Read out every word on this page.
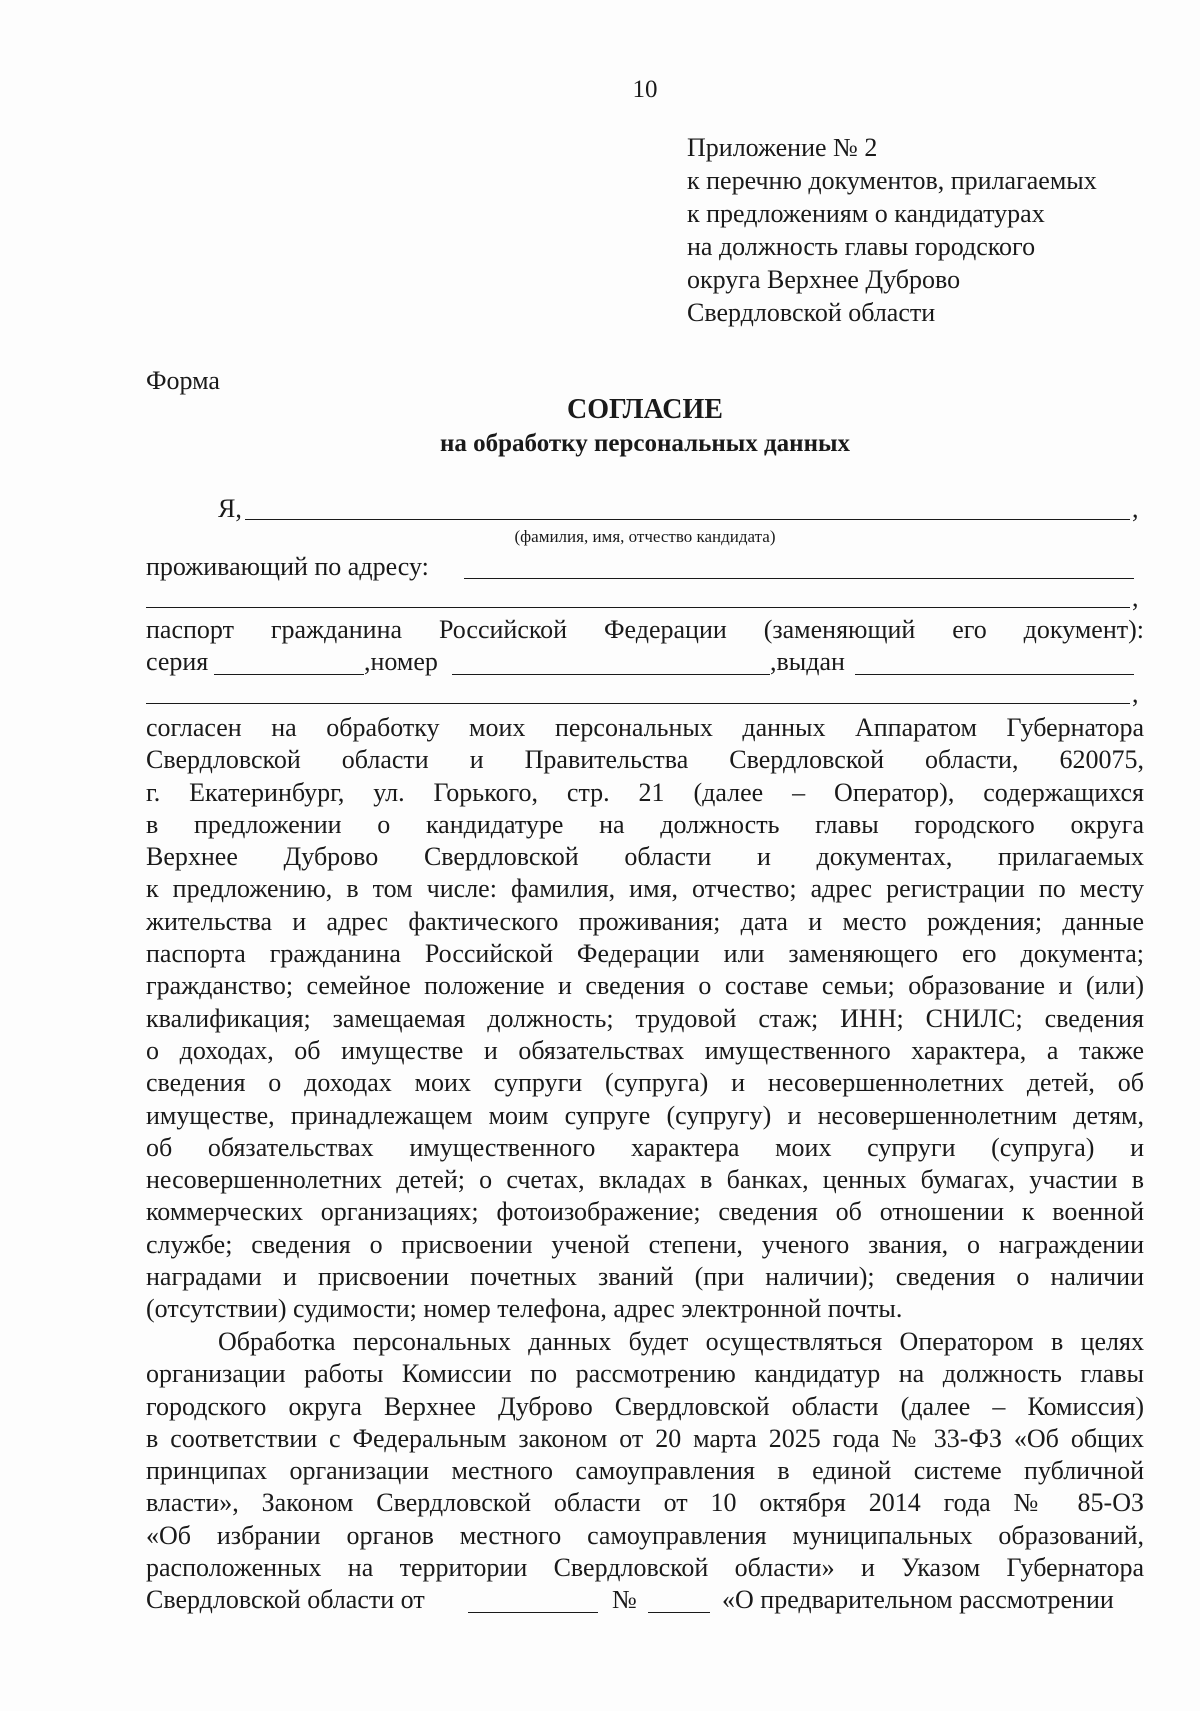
10
Приложение № 2
к перечню документов, прилагаемых
к предложениям о кандидатурах
на должность главы городского
округа Верхнее Дуброво
Свердловской области
Форма
СОГЛАСИЕ
на обработку персональных данных
Я,	,
(фамилия, имя, отчество кандидата)
проживающий по адресу:
,
паспорт гражданина Российской Федерации (заменяющий его документ):
серия	,номер	,выдан
,
согласен на обработку моих персональных данных Аппаратом Губернатора
Свердловской области и Правительства Свердловской области, 620075,
г. Екатеринбург, ул. Горького, стр. 21 (далее – Оператор), содержащихся
в предложении о кандидатуре на должность главы городского округа
Верхнее Дуброво Свердловской области и документах, прилагаемых
к предложению, в том числе: фамилия, имя, отчество; адрес регистрации по месту
жительства и адрес фактического проживания; дата и место рождения; данные
паспорта гражданина Российской Федерации или заменяющего его документа;
гражданство; семейное положение и сведения о составе семьи; образование и (или)
квалификация; замещаемая должность; трудовой стаж; ИНН; СНИЛС; сведения
о доходах, об имуществе и обязательствах имущественного характера, а также
сведения о доходах моих супруги (супруга) и несовершеннолетних детей, об
имуществе, принадлежащем моим супруге (супругу) и несовершеннолетним детям,
об обязательствах имущественного характера моих супруги (супруга) и
несовершеннолетних детей; о счетах, вкладах в банках, ценных бумагах, участии в
коммерческих организациях; фотоизображение; сведения об отношении к военной
службе; сведения о присвоении ученой степени, ученого звания, о награждении
наградами и присвоении почетных званий (при наличии); сведения о наличии
(отсутствии) судимости; номер телефона, адрес электронной почты.
Обработка персональных данных будет осуществляться Оператором в целях
организации работы Комиссии по рассмотрению кандидатур на должность главы
городского округа Верхнее Дуброво Свердловской области (далее – Комиссия)
в соответствии с Федеральным законом от 20 марта 2025 года № 33-ФЗ «Об общих
принципах организации местного самоуправления в единой системе публичной
власти», Законом Свердловской области от 10 октября 2014 года № 85-ОЗ
«Об избрании органов местного самоуправления муниципальных образований,
расположенных на территории Свердловской области» и Указом Губернатора
Свердловской области от	№	«О предварительном рассмотрении
